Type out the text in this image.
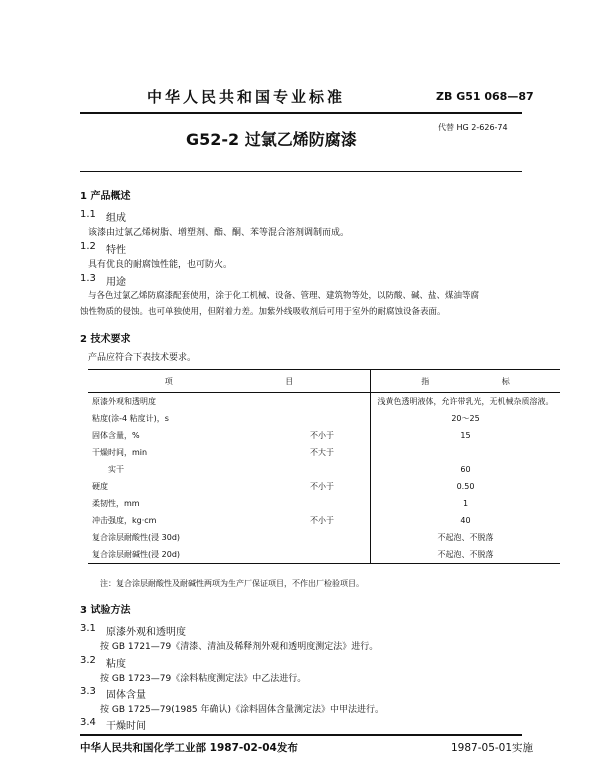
中华人民共和国专业标准	ZB G51 068—87
G52-2 过氯乙烯防腐漆
代替 HG 2-626-74
1 产品概述
1.1 组成
该漆由过氯乙烯树脂、增塑剂、酯、酮、苯等混合溶剂调制而成。
1.2 特性
具有优良的耐腐蚀性能，也可防火。
1.3 用途
与各色过氯乙烯防腐漆配套使用，涂于化工机械、设备、管理、建筑物等处，以防酸、碱、盐、煤油等腐
蚀性物质的侵蚀。也可单独使用，但附着力差。加紫外线吸收剂后可用于室外的耐腐蚀设备表面。
2 技术要求
产品应符合下表技术要求。
项 目		指 标
原漆外观和透明度		浅黄色透明液体，允许带乳光，无机械杂质溶液。
粘度(涂-4 粘度计)，s		20～25
固体含量，%	不小于	15
干燥时间，min	不大于	
实干		60
硬度	不小于	0.50
柔韧性，mm		1
冲击强度，kg·cm	不小于	40
复合涂层耐酸性(浸 30d)		不起泡、不脱落
复合涂层耐碱性(浸 20d)		不起泡、不脱落
注：复合涂层耐酸性及耐碱性两项为生产厂保证项目，不作出厂检验项目。
3 试验方法
3.1 原漆外观和透明度
按 GB 1721—79《清漆、清油及稀释剂外观和透明度测定法》进行。
3.2 粘度
按 GB 1723—79《涂料粘度测定法》中乙法进行。
3.3 固体含量
按 GB 1725—79(1985 年确认)《涂料固体含量测定法》中甲法进行。
3.4 干燥时间
中华人民共和国化学工业部 1987-02-04发布	1987-05-01实施
